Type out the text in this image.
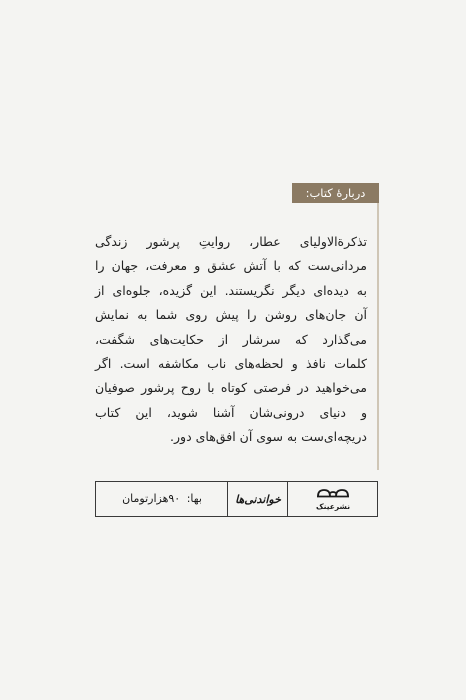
دربارهٔ کتاب:
تذکرة‌الاولیای عطار، روایتِ پرشور زندگی
مردانی‌ست که با آتش عشق و معرفت، جهان را
به دیده‌ای دیگر نگریستند. این گزیده، جلوه‌ای از
آن جان‌های روشن را پیش روی شما به نمایش
می‌گذارد که سرشار از حکایت‌های شگفت،
کلمات نافذ و لحظه‌های ناب مکاشفه است. اگر
می‌خواهید در فرصتی کوتاه با روح پرشور صوفیان
و دنیای درونی‌شان آشنا شوید، این کتاب
دریچه‌ای‌ست به سوی آن افق‌های دور.
نشرعینک
خواندنی‌ها
بها: ۹۰هزارتومان
